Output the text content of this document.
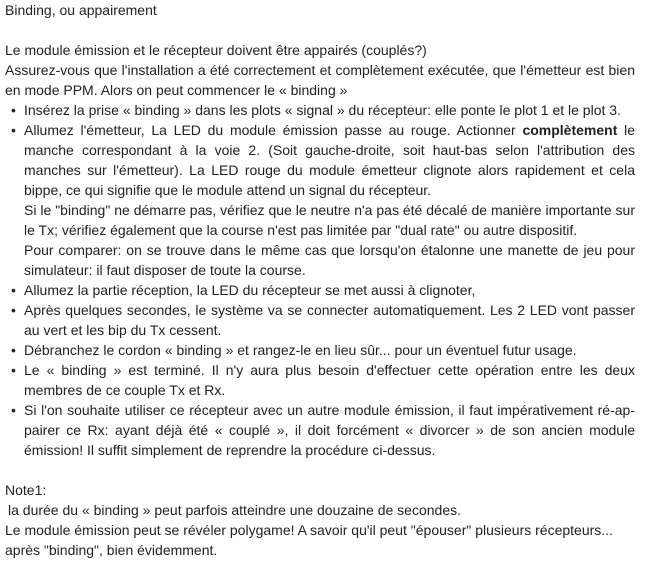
Binding, ou appairement

Le module émission et le récepteur doivent être appairés (couplés?)

Assurez-vous que l'installation a été correctement et complètement exécutée, que l'émetteur est bien en mode PPM. Alors on peut commencer le « binding »

• Insérez la prise « binding » dans les plots « signal » du récepteur: elle ponte le plot 1 et le plot 3.
• Allumez l'émetteur, La LED du module émission passe au rouge. Actionner complètement le manche correspondant à la voie 2. (Soit gauche-droite, soit haut-bas selon l'attribution des manches sur l'émetteur). La LED rouge du module émetteur clignote alors rapidement et cela bippe, ce qui signifie que le module attend un signal du récepteur.
Si le "binding" ne démarre pas, vérifiez que le neutre n'a pas été décalé de manière importante sur le Tx; vérifiez également que la course n'est pas limitée par "dual rate" ou autre dispositif.
Pour comparer: on se trouve dans le même cas que lorsqu'on étalonne une manette de jeu pour simulateur: il faut disposer de toute la course.
• Allumez la partie réception, la LED du récepteur se met aussi à clignoter,
• Après quelques secondes, le système va se connecter automatiquement. Les 2 LED vont passer au vert et les bip du Tx cessent.
• Débranchez le cordon « binding » et rangez-le en lieu sûr... pour un éventuel futur usage.
• Le « binding » est terminé. Il n'y aura plus besoin d'effectuer cette opération entre les deux membres de ce couple Tx et Rx.
• Si l'on souhaite utiliser ce récepteur avec un autre module émission, il faut impérativement ré-ap-pairer ce Rx: ayant déjà été « couplé », il doit forcément « divorcer » de son ancien module émission! Il suffit simplement de reprendre la procédure ci-dessus.

Note1:

la durée du « binding » peut parfois atteindre une douzaine de secondes.

Le module émission peut se révéler polygame! A savoir qu'il peut "épouser" plusieurs récepteurs... après "binding", bien évidemment.
